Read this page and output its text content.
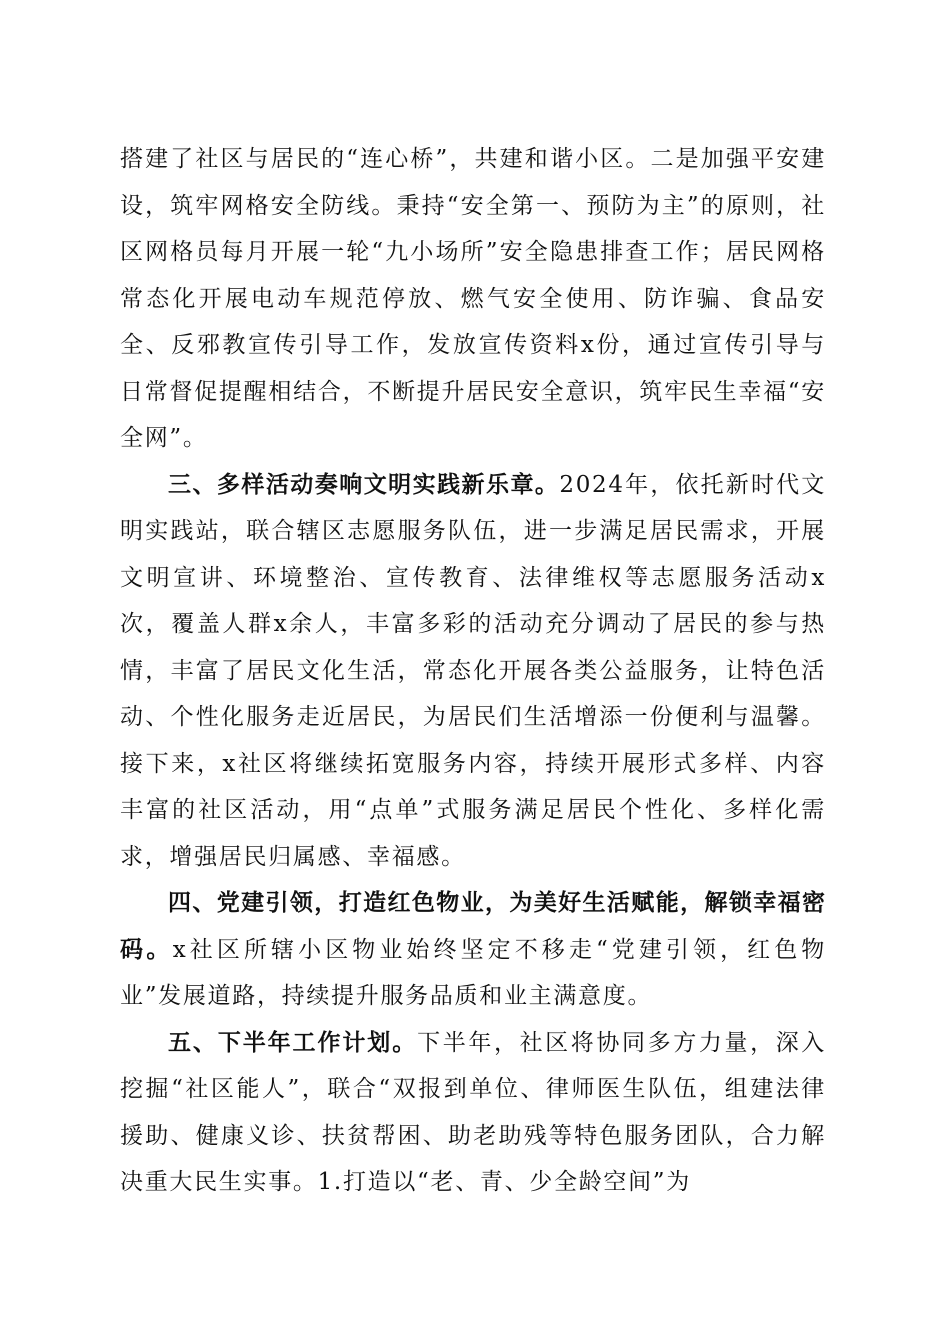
搭建了社区与居民的“连心桥”，共建和谐小区。二是加强平安建设，筑牢网格安全防线。秉持“安全第一、预防为主”的原则，社区网格员每月开展一轮“九小场所”安全隐患排查工作；居民网格常态化开展电动车规范停放、燃气安全使用、防诈骗、食品安全、反邪教宣传引导工作，发放宣传资料x份，通过宣传引导与日常督促提醒相结合，不断提升居民安全意识，筑牢民生幸福“安全网”。

三、多样活动奏响文明实践新乐章。2024年，依托新时代文明实践站，联合辖区志愿服务队伍，进一步满足居民需求，开展文明宣讲、环境整治、宣传教育、法律维权等志愿服务活动x次，覆盖人群x余人，丰富多彩的活动充分调动了居民的参与热情，丰富了居民文化生活，常态化开展各类公益服务，让特色活动、个性化服务走近居民，为居民们生活增添一份便利与温馨。接下来，x社区将继续拓宽服务内容，持续开展形式多样、内容丰富的社区活动，用“点单”式服务满足居民个性化、多样化需求，增强居民归属感、幸福感。

四、党建引领，打造红色物业，为美好生活赋能，解锁幸福密码。x社区所辖小区物业始终坚定不移走“党建引领，红色物业”发展道路，持续提升服务品质和业主满意度。

五、下半年工作计划。下半年，社区将协同多方力量，深入挖掘“社区能人”，联合“双报到单位、律师医生队伍，组建法律援助、健康义诊、扶贫帮困、助老助残等特色服务团队，合力解决重大民生实事。1.打造以“老、青、少全龄空间”为
